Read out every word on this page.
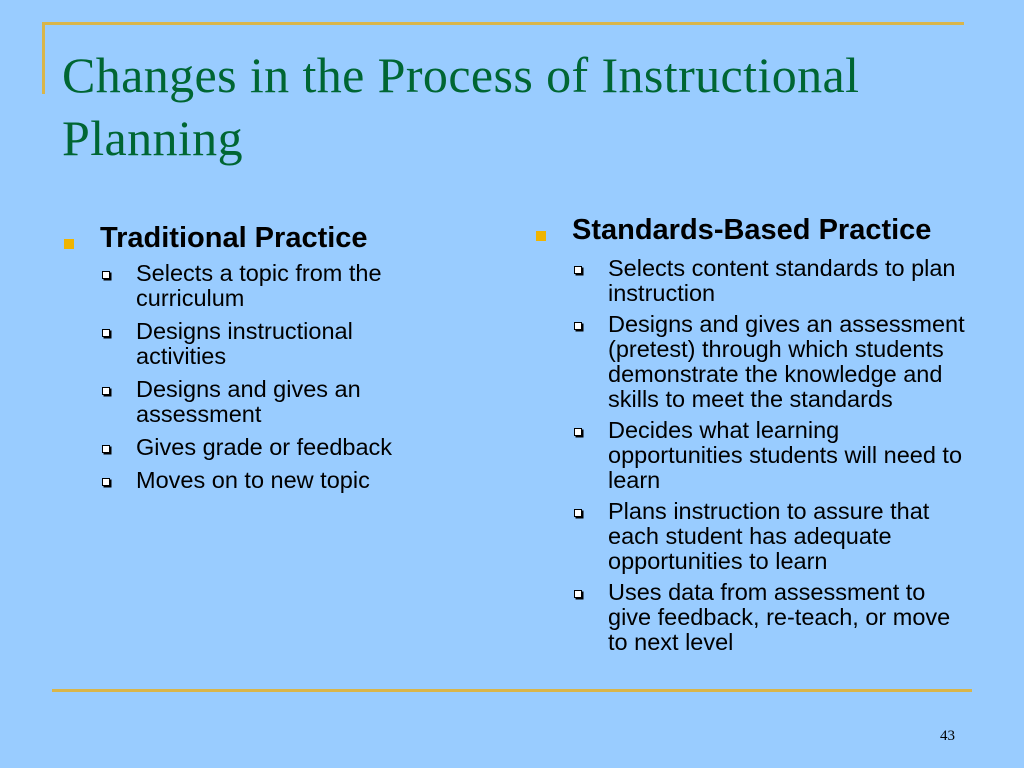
Changes in the Process of Instructional Planning
Traditional Practice
Selects a topic from the curriculum
Designs instructional activities
Designs and gives an assessment
Gives grade or feedback
Moves on to new topic
Standards-Based Practice
Selects content standards to plan instruction
Designs and gives an assessment (pretest) through which students demonstrate the knowledge and skills to meet the standards
Decides what learning opportunities students will need to learn
Plans instruction to assure that each student has adequate opportunities to learn
Uses data from assessment to give feedback, re-teach, or move to next level
43
